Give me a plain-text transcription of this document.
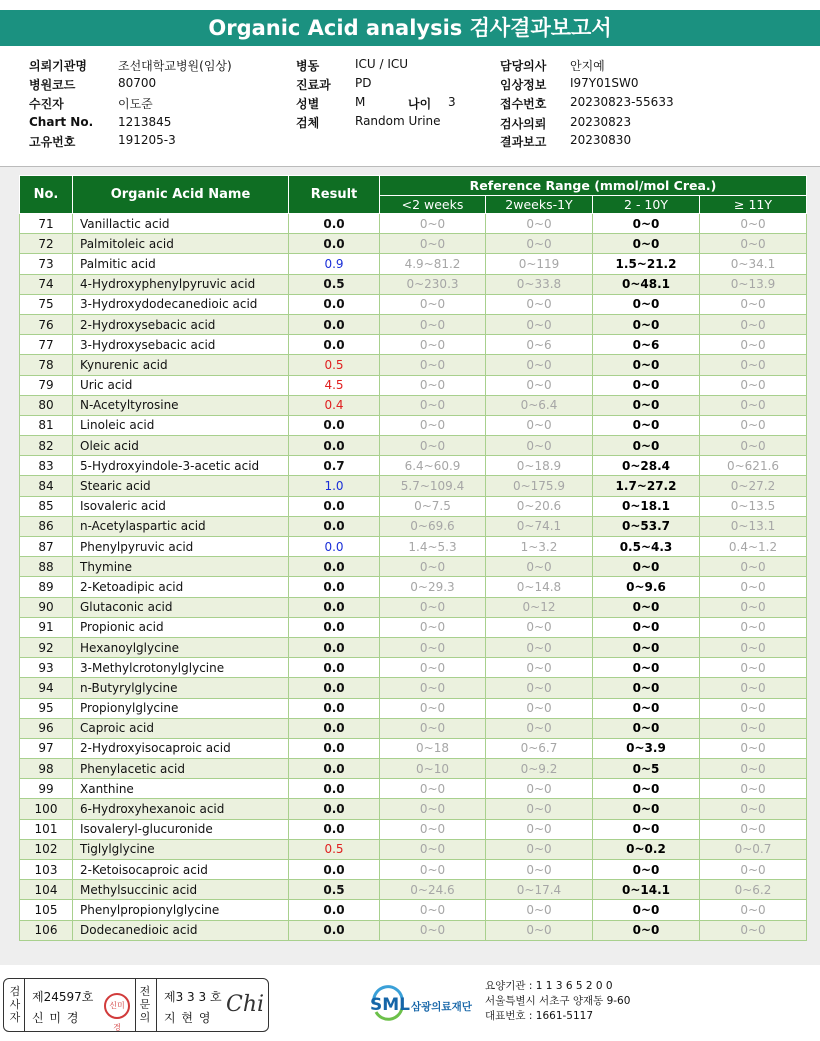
Organic Acid analysis 검사결과보고서
의뢰기관명	조선대학교병원(임상)
병원코드	80700
수진자	이도준
Chart No. 1213845
고유번호	191205-3
병동	ICU / ICU
진료과 PD
성별	M	나이 3
검체	Random Urine
담당의사 안지예
임상정보 I97Y01SW0
접수번호 20230823-55633
검사의뢰 20230823
결과보고 20230830
No.	Organic Acid Name	Result	Reference Range (mmol/mol Crea.)			
			<2 weeks	2weeks-1Y	2 - 10Y	≥ 11Y
71	Vanillactic acid	0.0	0~0	0~0	0~0	0~0
72	Palmitoleic acid	0.0	0~0	0~0	0~0	0~0
73	Palmitic acid	0.9	4.9~81.2	0~119	1.5~21.2	0~34.1
74	4-Hydroxyphenylpyruvic acid	0.5	0~230.3	0~33.8	0~48.1	0~13.9
75	3-Hydroxydodecanedioic acid	0.0	0~0	0~0	0~0	0~0
76	2-Hydroxysebacic acid	0.0	0~0	0~0	0~0	0~0
77	3-Hydroxysebacic acid	0.0	0~0	0~6	0~6	0~0
78	Kynurenic acid	0.5	0~0	0~0	0~0	0~0
79	Uric acid	4.5	0~0	0~0	0~0	0~0
80	N-Acetyltyrosine	0.4	0~0	0~6.4	0~0	0~0
81	Linoleic acid	0.0	0~0	0~0	0~0	0~0
82	Oleic acid	0.0	0~0	0~0	0~0	0~0
83	5-Hydroxyindole-3-acetic acid	0.7	6.4~60.9	0~18.9	0~28.4	0~621.6
84	Stearic acid	1.0	5.7~109.4	0~175.9	1.7~27.2	0~27.2
85	Isovaleric acid	0.0	0~7.5	0~20.6	0~18.1	0~13.5
86	n-Acetylaspartic acid	0.0	0~69.6	0~74.1	0~53.7	0~13.1
87	Phenylpyruvic acid	0.0	1.4~5.3	1~3.2	0.5~4.3	0.4~1.2
88	Thymine	0.0	0~0	0~0	0~0	0~0
89	2-Ketoadipic acid	0.0	0~29.3	0~14.8	0~9.6	0~0
90	Glutaconic acid	0.0	0~0	0~12	0~0	0~0
91	Propionic acid	0.0	0~0	0~0	0~0	0~0
92	Hexanoylglycine	0.0	0~0	0~0	0~0	0~0
93	3-Methylcrotonylglycine	0.0	0~0	0~0	0~0	0~0
94	n-Butyrylglycine	0.0	0~0	0~0	0~0	0~0
95	Propionylglycine	0.0	0~0	0~0	0~0	0~0
96	Caproic acid	0.0	0~0	0~0	0~0	0~0
97	2-Hydroxyisocaproic acid	0.0	0~18	0~6.7	0~3.9	0~0
98	Phenylacetic acid	0.0	0~10	0~9.2	0~5	0~0
99	Xanthine	0.0	0~0	0~0	0~0	0~0
100	6-Hydroxyhexanoic acid	0.0	0~0	0~0	0~0	0~0
101	Isovaleryl-glucuronide	0.0	0~0	0~0	0~0	0~0
102	Tiglylglycine	0.5	0~0	0~0	0~0.2	0~0.7
103	2-Ketoisocaproic acid	0.0	0~0	0~0	0~0	0~0
104	Methylsuccinic acid	0.5	0~24.6	0~17.4	0~14.1	0~6.2
105	Phenylpropionylglycine	0.0	0~0	0~0	0~0	0~0
106	Dodecanedioic acid	0.0	0~0	0~0	0~0	0~0
검사자
제24597호
신 미 경
신미경
전문의
제3 3 3 호
지 현 영
Chi	SML 삼광의료재단
요양기관 : 1 1 3 6 5 2 0 0
서울특별시 서초구 양재동 9-60
대표번호 : 1661-5117
